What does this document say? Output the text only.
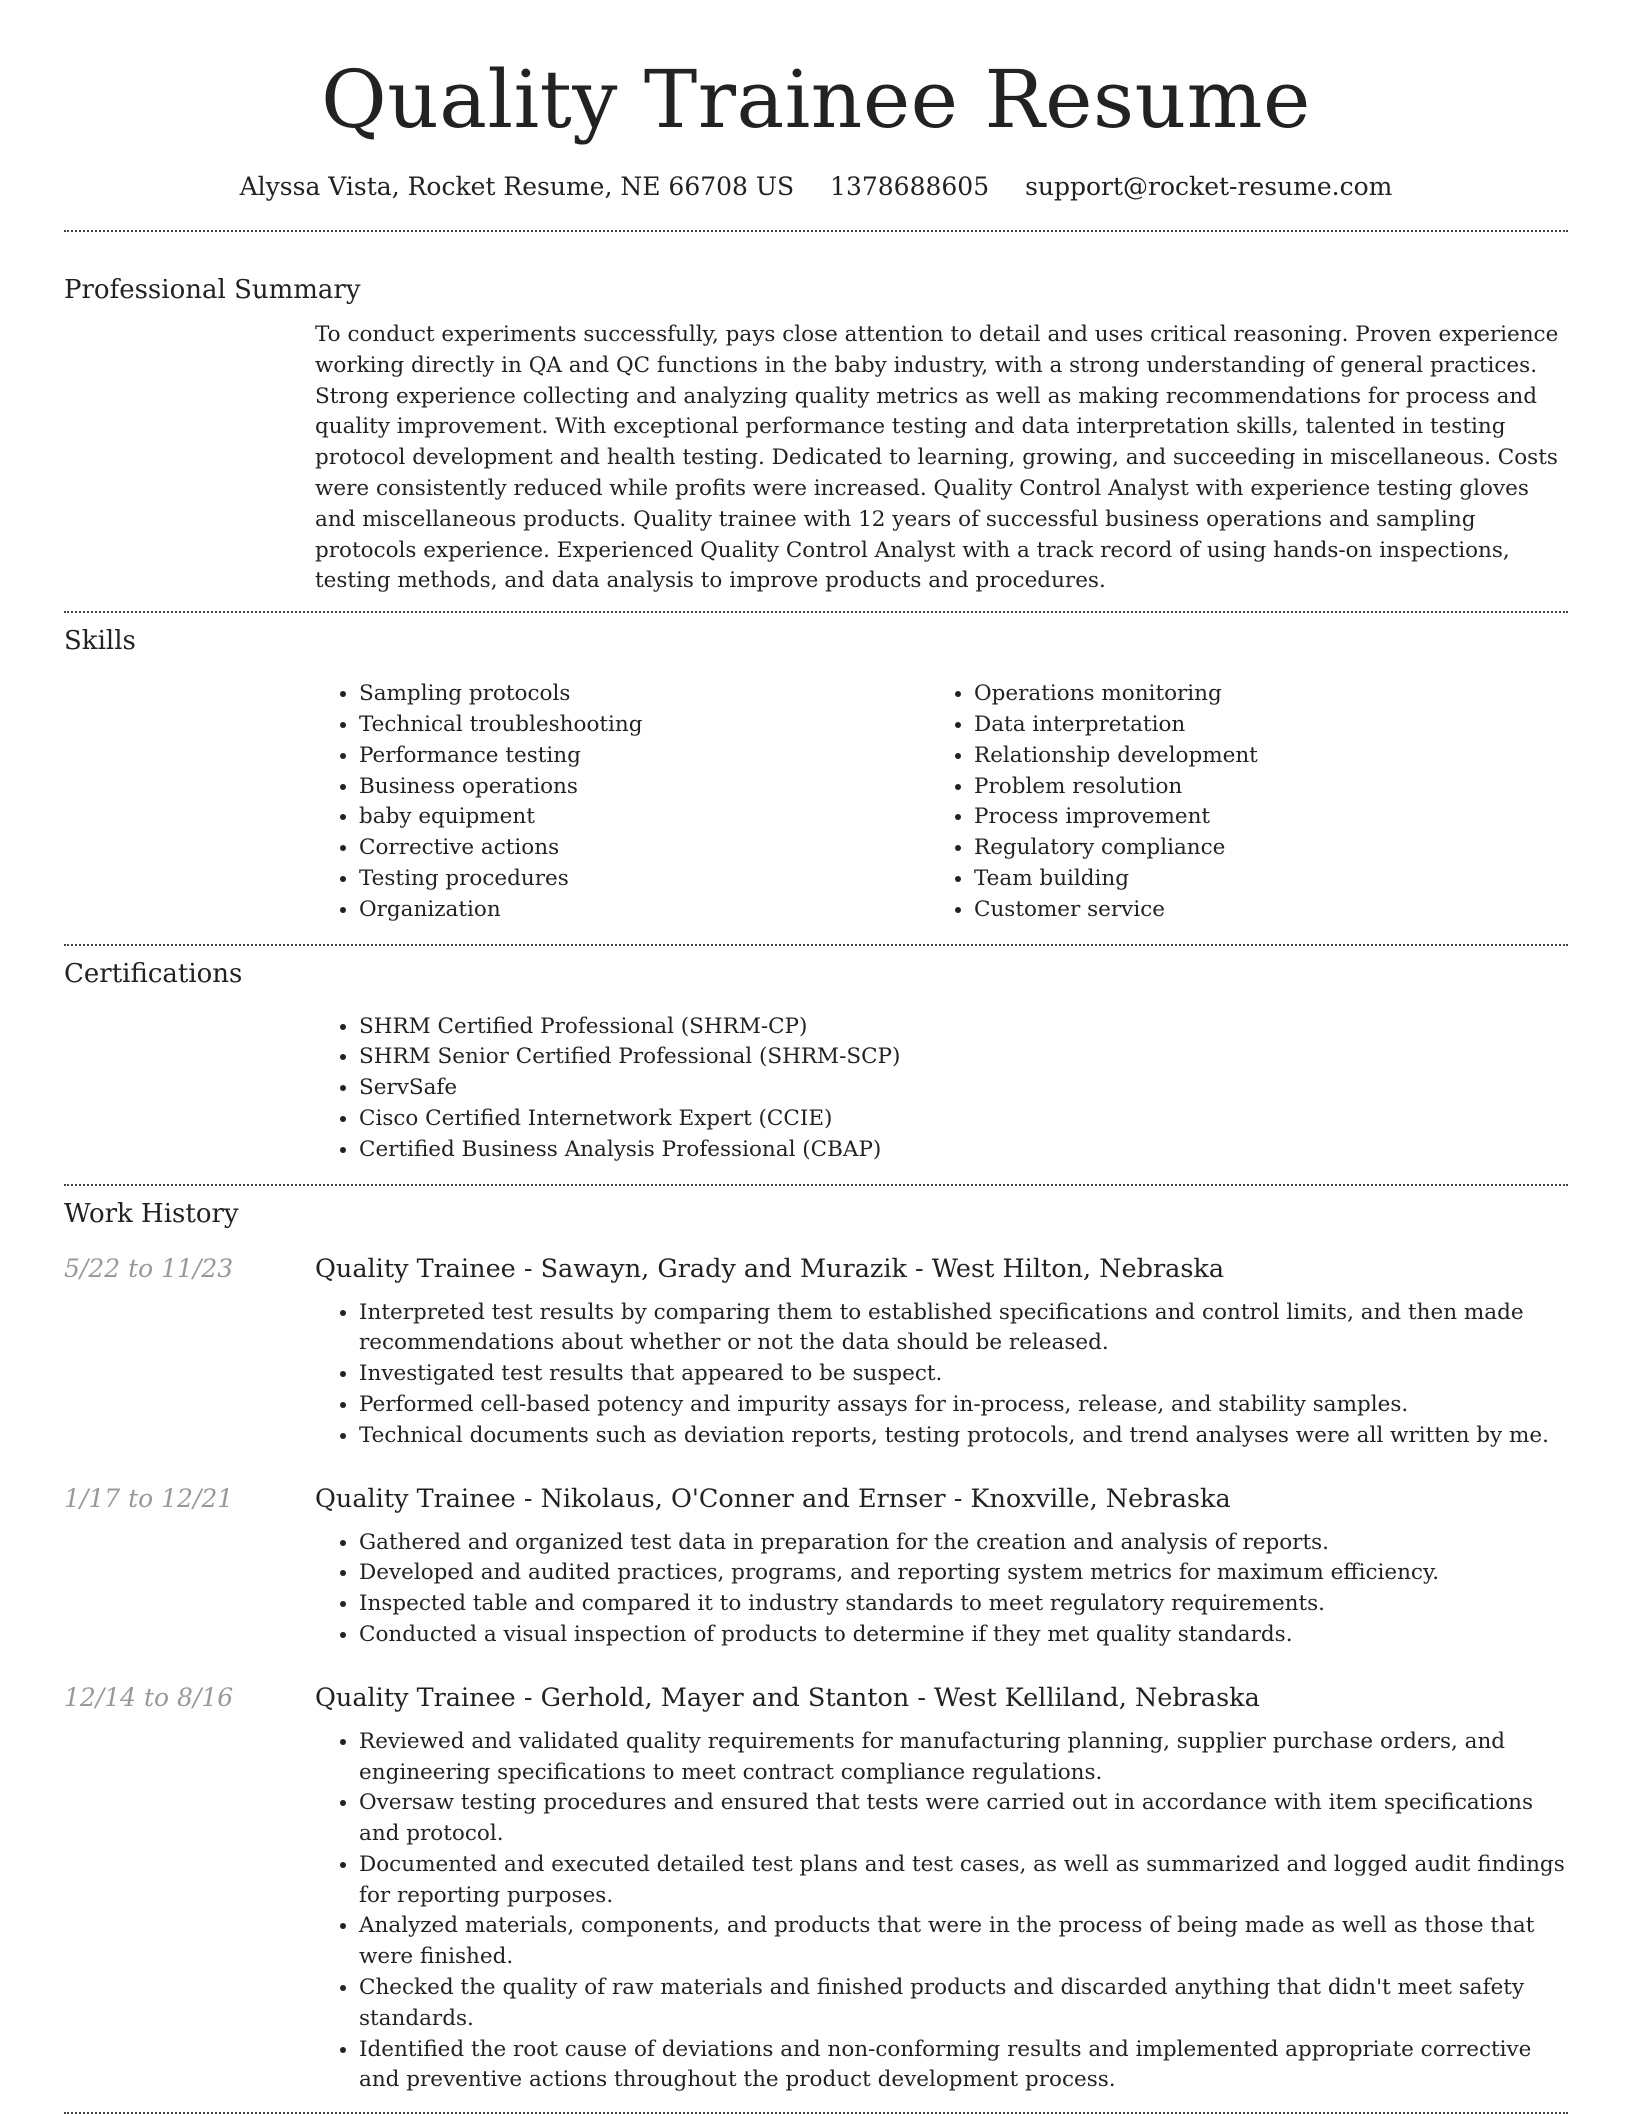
Quality Trainee Resume
Alyssa Vista, Rocket Resume, NE 66708 US 1378688605 support@rocket-resume.com
Professional Summary

To conduct experiments successfully, pays close attention to detail and uses critical reasoning. Proven experience working directly in QA and QC functions in the baby industry, with a strong understanding of general practices. Strong experience collecting and analyzing quality metrics as well as making recommendations for process and quality improvement. With exceptional performance testing and data interpretation skills, talented in testing protocol development and health testing. Dedicated to learning, growing, and succeeding in miscellaneous. Costs were consistently reduced while profits were increased. Quality Control Analyst with experience testing gloves and miscellaneous products. Quality trainee with 12 years of successful business operations and sampling protocols experience. Experienced Quality Control Analyst with a track record of using hands-on inspections, testing methods, and data analysis to improve products and procedures.

Skills
• Sampling protocols
• Technical troubleshooting
• Performance testing
• Business operations
• baby equipment
• Corrective actions
• Testing procedures
• Organization
• Operations monitoring
• Data interpretation
• Relationship development
• Problem resolution
• Process improvement
• Regulatory compliance
• Team building
• Customer service
Certifications
• SHRM Certified Professional (SHRM-CP)
• SHRM Senior Certified Professional (SHRM-SCP)
• ServSafe
• Cisco Certified Internetwork Expert (CCIE)
• Certified Business Analysis Professional (CBAP)
Work History
5/22 to 11/23	Quality Trainee - Sawayn, Grady and Murazik - West Hilton, Nebraska
• Interpreted test results by comparing them to established specifications and control limits, and then made recommendations about whether or not the data should be released.
• Investigated test results that appeared to be suspect.
• Performed cell-based potency and impurity assays for in-process, release, and stability samples.
• Technical documents such as deviation reports, testing protocols, and trend analyses were all written by me.
1/17 to 12/21	Quality Trainee - Nikolaus, O'Conner and Ernser - Knoxville, Nebraska
• Gathered and organized test data in preparation for the creation and analysis of reports.
• Developed and audited practices, programs, and reporting system metrics for maximum efficiency.
• Inspected table and compared it to industry standards to meet regulatory requirements.
• Conducted a visual inspection of products to determine if they met quality standards.
12/14 to 8/16	Quality Trainee - Gerhold, Mayer and Stanton - West Kelliland, Nebraska
• Reviewed and validated quality requirements for manufacturing planning, supplier purchase orders, and engineering specifications to meet contract compliance regulations.
• Oversaw testing procedures and ensured that tests were carried out in accordance with item specifications and protocol.
• Documented and executed detailed test plans and test cases, as well as summarized and logged audit findings for reporting purposes.
• Analyzed materials, components, and products that were in the process of being made as well as those that were finished.
• Checked the quality of raw materials and finished products and discarded anything that didn't meet safety standards.
• Identified the root cause of deviations and non-conforming results and implemented appropriate corrective and preventive actions throughout the product development process.
